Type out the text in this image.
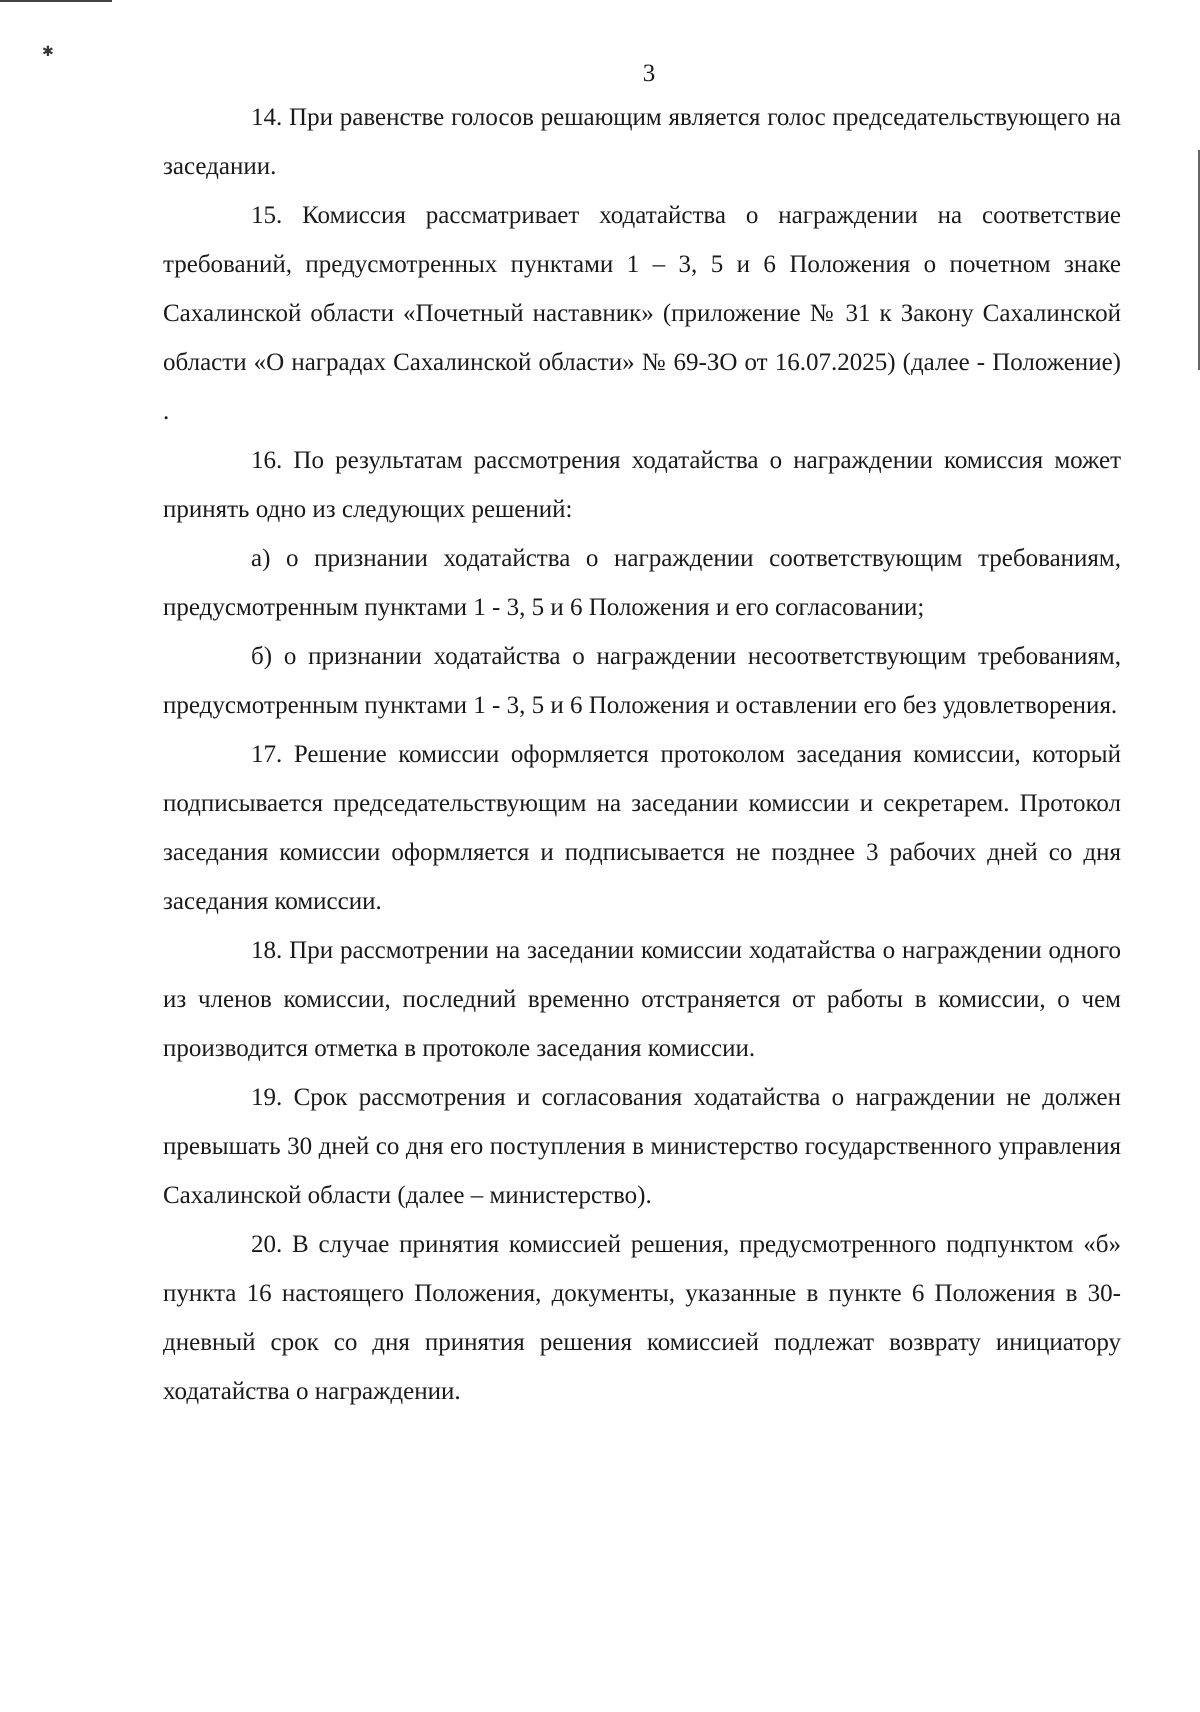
✱
3

14. При равенстве голосов решающим является голос председательствующего на заседании.

15. Комиссия рассматривает ходатайства о награждении на соответствие требований, предусмотренных пунктами 1 – 3, 5 и 6 Положения о почетном знаке Сахалинской области «Почетный наставник» (приложение № 31 к Закону Сахалинской области «О наградах Сахалинской области» № 69-ЗО от 16.07.2025) (далее - Положение) .

16. По результатам рассмотрения ходатайства о награждении комиссия может принять одно из следующих решений:

а) о признании ходатайства о награждении соответствующим требованиям, предусмотренным пунктами 1 - 3, 5 и 6 Положения и его согласовании;

б) о признании ходатайства о награждении несоответствующим требованиям, предусмотренным пунктами 1 - 3, 5 и 6 Положения и оставлении его без удовлетворения.

17. Решение комиссии оформляется протоколом заседания комиссии, который подписывается председательствующим на заседании комиссии и секретарем. Протокол заседания комиссии оформляется и подписывается не позднее 3 рабочих дней со дня заседания комиссии.

18. При рассмотрении на заседании комиссии ходатайства о награждении одного из членов комиссии, последний временно отстраняется от работы в комиссии, о чем производится отметка в протоколе заседания комиссии.

19. Срок рассмотрения и согласования ходатайства о награждении не должен превышать 30 дней со дня его поступления в министерство государственного управления Сахалинской области (далее – министерство).

20. В случае принятия комиссией решения, предусмотренного подпунктом «б» пункта 16 настоящего Положения, документы, указанные в пункте 6 Положения в 30-дневный срок со дня принятия решения комиссией подлежат возврату инициатору ходатайства о награждении.
